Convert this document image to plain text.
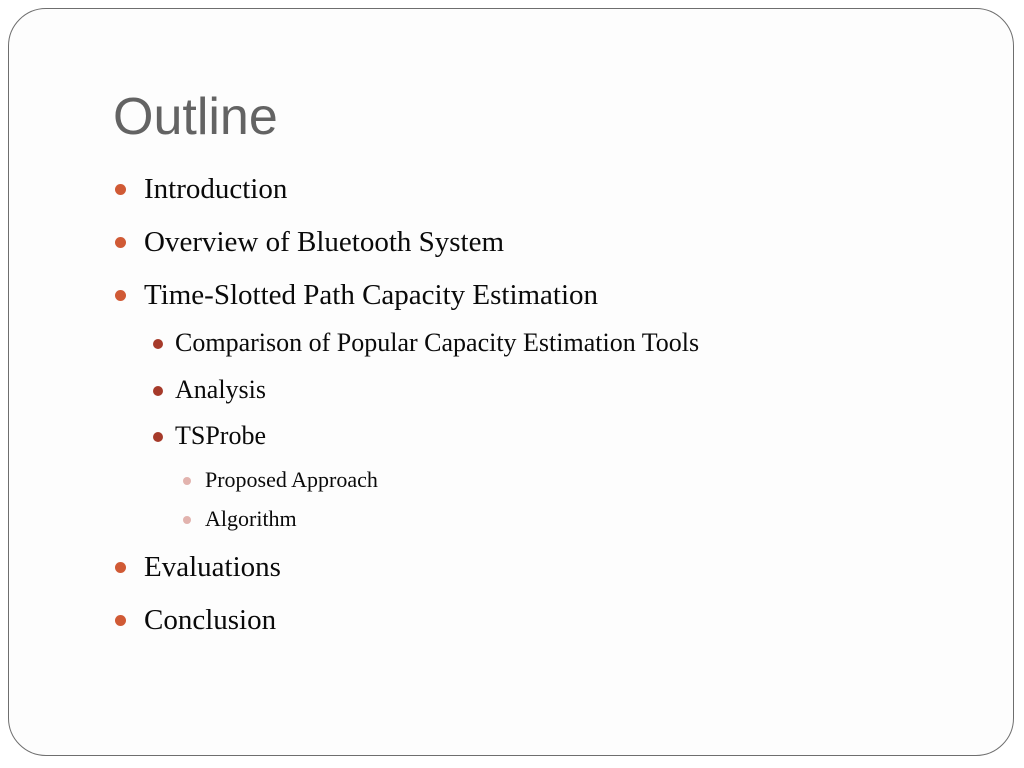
Outline
Introduction
Overview of Bluetooth System
Time-Slotted Path Capacity Estimation
Comparison of Popular Capacity Estimation Tools
Analysis
TSProbe
Proposed Approach
Algorithm
Evaluations
Conclusion
